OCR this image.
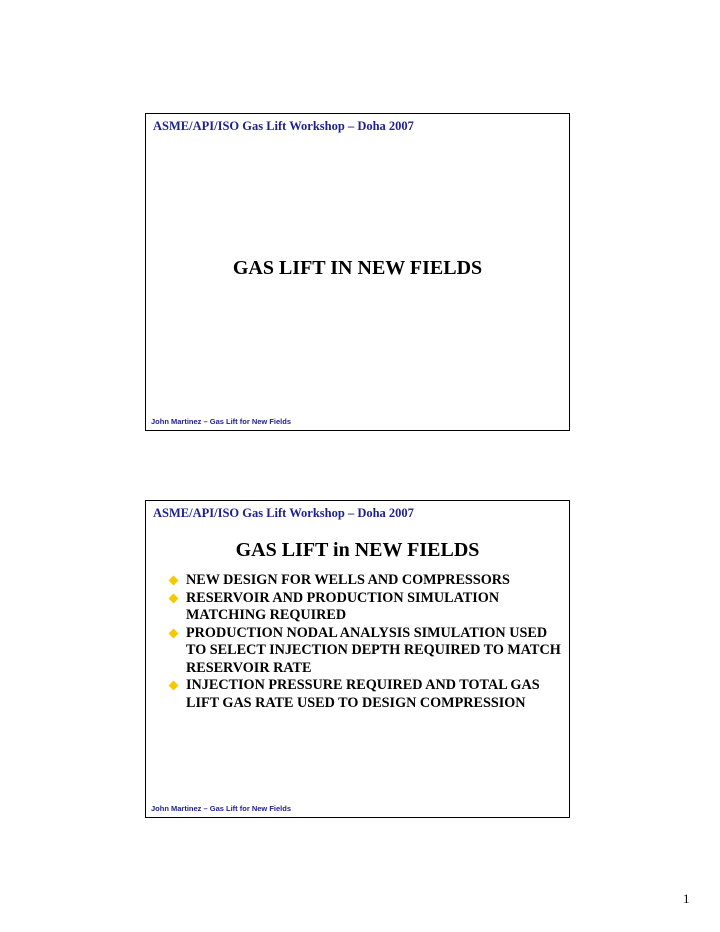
ASME/API/ISO Gas Lift Workshop – Doha 2007
GAS LIFT IN NEW FIELDS
John Martinez – Gas Lift for New Fields
ASME/API/ISO Gas Lift Workshop – Doha 2007
GAS LIFT in NEW FIELDS
NEW DESIGN FOR WELLS AND COMPRESSORS
RESERVOIR AND PRODUCTION SIMULATION MATCHING REQUIRED
PRODUCTION NODAL ANALYSIS SIMULATION USED TO SELECT INJECTION DEPTH REQUIRED TO MATCH RESERVOIR RATE
INJECTION PRESSURE REQUIRED AND TOTAL GAS LIFT GAS RATE USED TO DESIGN COMPRESSION
John Martinez – Gas Lift for New Fields
1
